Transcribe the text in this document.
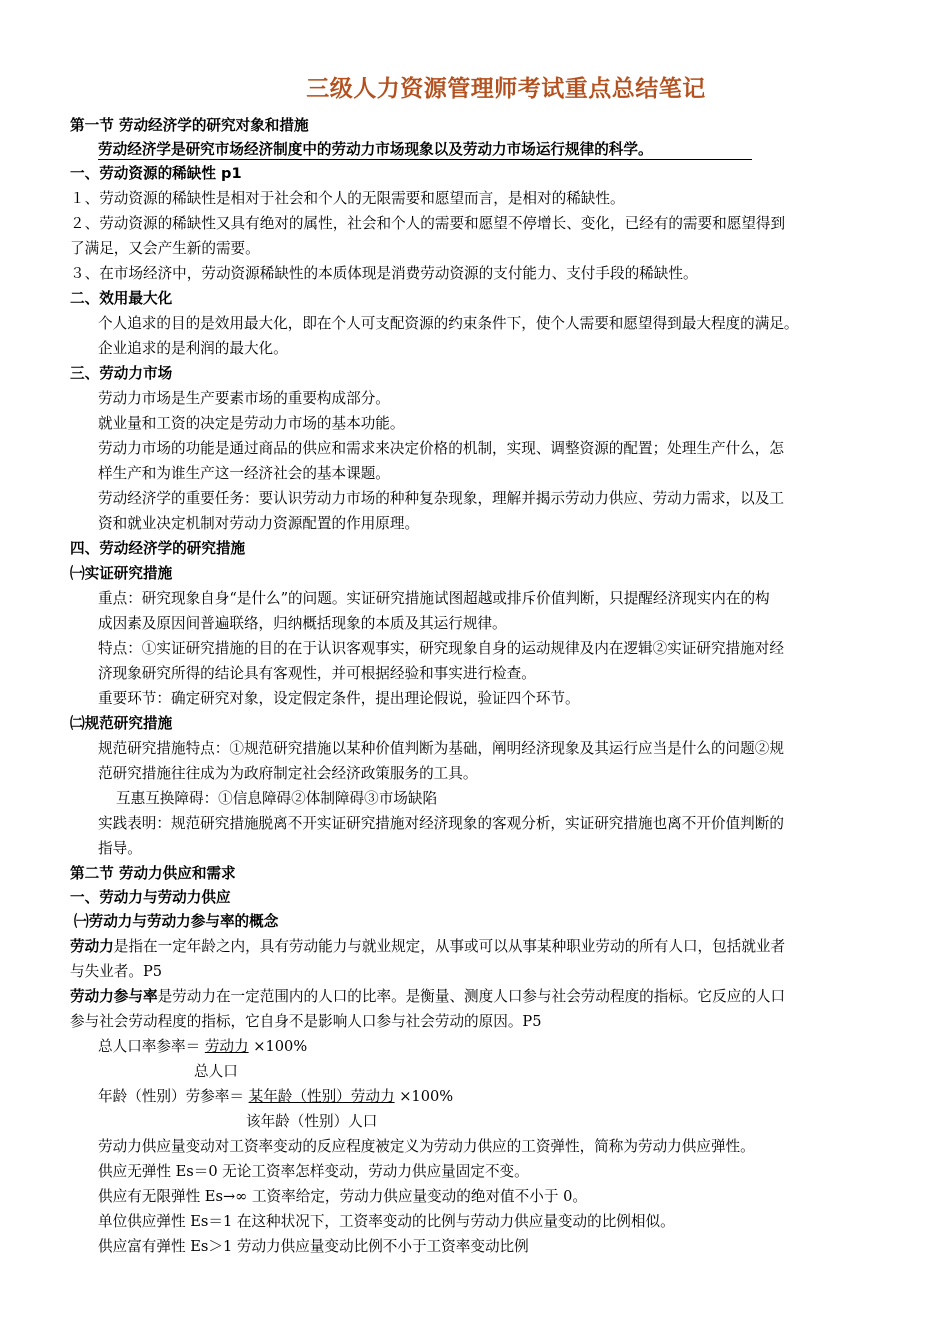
三级人力资源管理师考试重点总结笔记
第一节 劳动经济学的研究对象和措施
劳动经济学是研究市场经济制度中的劳动力市场现象以及劳动力市场运行规律的科学。
一、劳动资源的稀缺性 p1
１、劳动资源的稀缺性是相对于社会和个人的无限需要和愿望而言，是相对的稀缺性。
２、劳动资源的稀缺性又具有绝对的属性，社会和个人的需要和愿望不停增长、变化，已经有的需要和愿望得到
了满足，又会产生新的需要。
３、在市场经济中，劳动资源稀缺性的本质体现是消费劳动资源的支付能力、支付手段的稀缺性。
二、效用最大化
个人追求的目的是效用最大化，即在个人可支配资源的约束条件下，使个人需要和愿望得到最大程度的满足。
企业追求的是利润的最大化。
三、劳动力市场
劳动力市场是生产要素市场的重要构成部分。
就业量和工资的决定是劳动力市场的基本功能。
劳动力市场的功能是通过商品的供应和需求来决定价格的机制，实现、调整资源的配置；处理生产什么，怎
样生产和为谁生产这一经济社会的基本课题。
劳动经济学的重要任务：要认识劳动力市场的种种复杂现象，理解并揭示劳动力供应、劳动力需求，以及工
资和就业决定机制对劳动力资源配置的作用原理。
四、劳动经济学的研究措施
㈠实证研究措施
重点：研究现象自身“是什么”的问题。实证研究措施试图超越或排斥价值判断，只提醒经济现实内在的构
成因素及原因间普遍联络，归纳概括现象的本质及其运行规律。
特点：①实证研究措施的目的在于认识客观事实，研究现象自身的运动规律及内在逻辑②实证研究措施对经
济现象研究所得的结论具有客观性，并可根据经验和事实进行检查。
重要环节：确定研究对象，设定假定条件，提出理论假说，验证四个环节。
㈡规范研究措施
规范研究措施特点：①规范研究措施以某种价值判断为基础，阐明经济现象及其运行应当是什么的问题②规
范研究措施往往成为为政府制定社会经济政策服务的工具。
互惠互换障碍：①信息障碍②体制障碍③市场缺陷
实践表明：规范研究措施脱离不开实证研究措施对经济现象的客观分析，实证研究措施也离不开价值判断的
指导。
第二节 劳动力供应和需求
一、劳动力与劳动力供应
㈠劳动力与劳动力参与率的概念
劳动力是指在一定年龄之内，具有劳动能力与就业规定，从事或可以从事某种职业劳动的所有人口，包括就业者
与失业者。P5
劳动力参与率是劳动力在一定范围内的人口的比率。是衡量、测度人口参与社会劳动程度的指标。它反应的人口
参与社会劳动程度的指标，它自身不是影响人口参与社会劳动的原因。P5
总人口率参率＝ 劳动力 ×100%
总人口
年龄（性别）劳参率＝ 某年龄（性别）劳动力 ×100%
该年龄（性别）人口
劳动力供应量变动对工资率变动的反应程度被定义为劳动力供应的工资弹性，简称为劳动力供应弹性。
供应无弹性 Es＝0 无论工资率怎样变动，劳动力供应量固定不变。
供应有无限弹性 Es→∞ 工资率给定，劳动力供应量变动的绝对值不小于 0。
单位供应弹性 Es＝1 在这种状况下，工资率变动的比例与劳动力供应量变动的比例相似。
供应富有弹性 Es＞1 劳动力供应量变动比例不小于工资率变动比例
